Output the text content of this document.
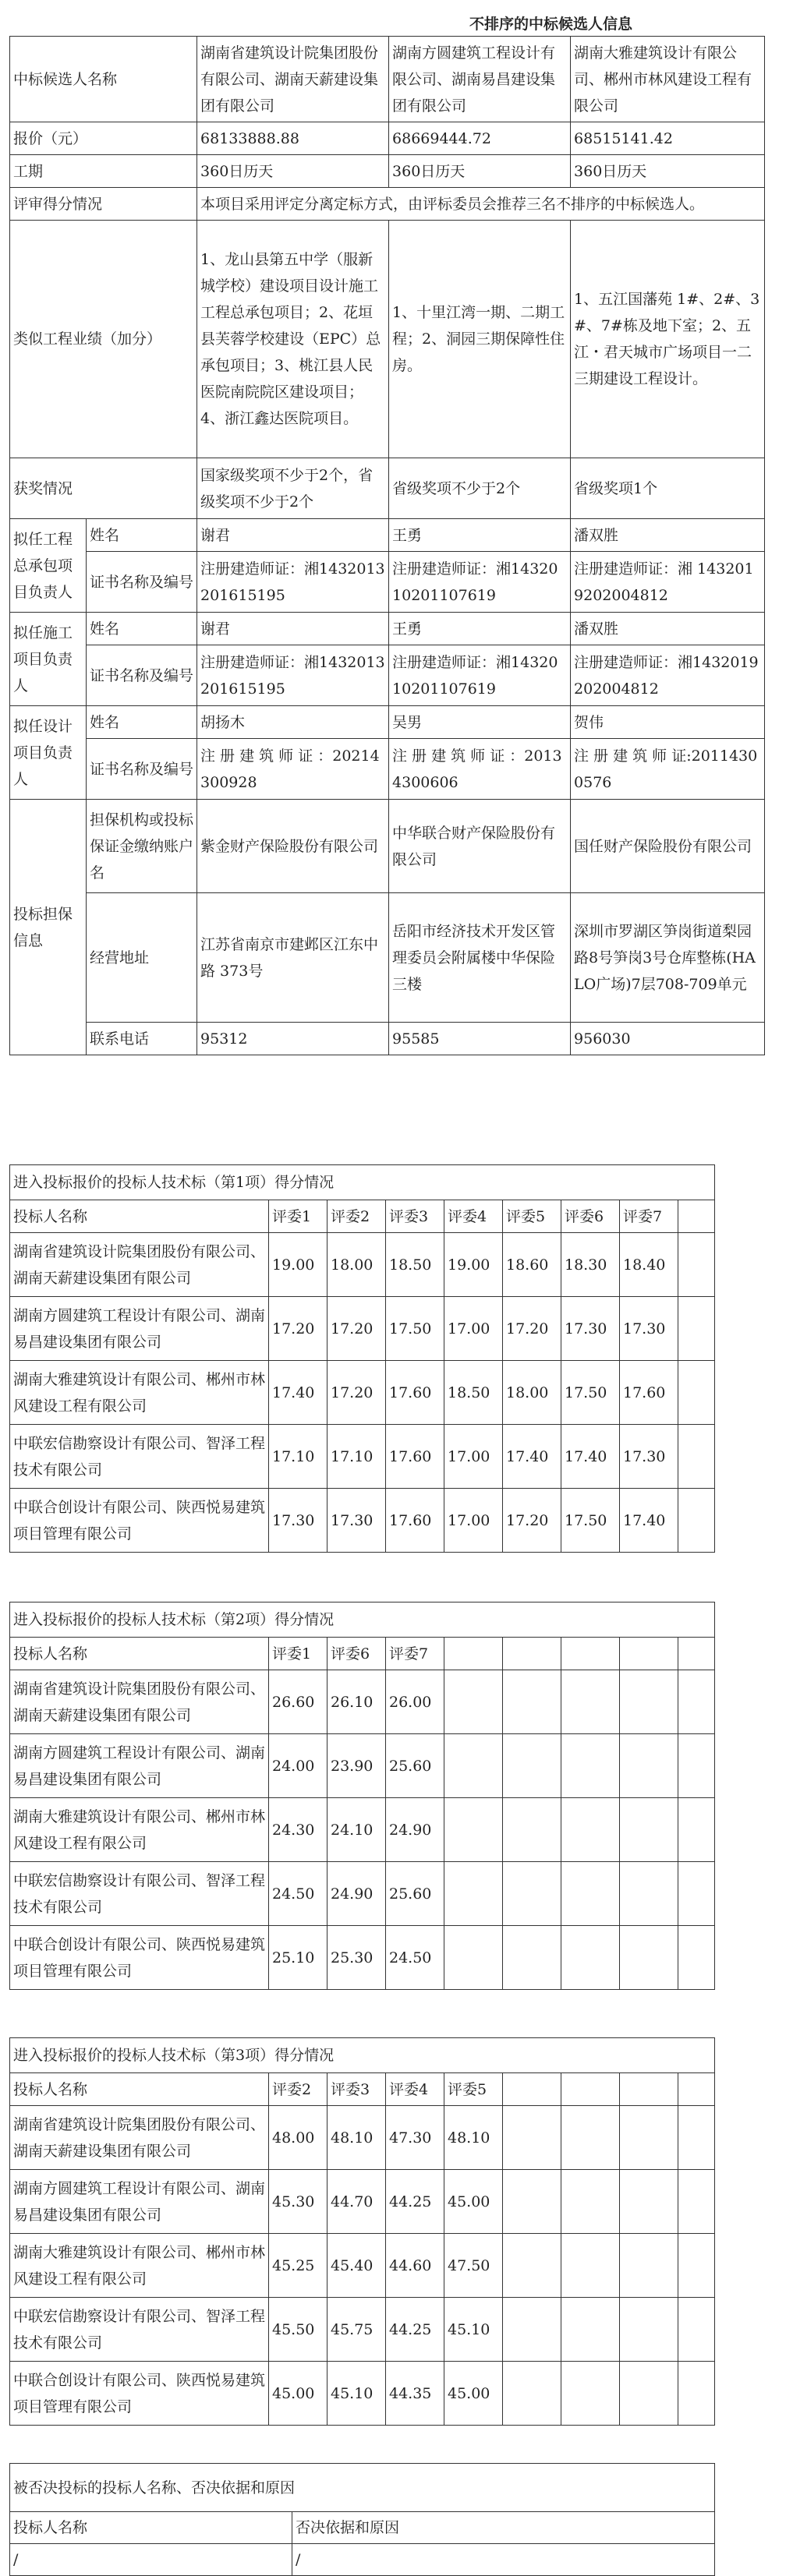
不排序的中标候选人信息
中标候选人名称		湖南省建筑设计院集团股份有限公司、湖南天薪建设集团有限公司	湖南方圆建筑工程设计有限公司、湖南易昌建设集团有限公司	湖南大雅建筑设计有限公司、郴州市林风建设工程有限公司
报价（元）		68133888.88	68669444.72	68515141.42
工期		360日历天	360日历天	360日历天
评审得分情况		本项目采用评定分离定标方式，由评标委员会推荐三名不排序的中标候选人。		
类似工程业绩（加分）		1、龙山县第五中学（服新城学校）建设项目设计施工工程总承包项目；2、花垣县芙蓉学校建设（EPC）总承包项目；3、桃江县人民医院南院院区建设项目；4、浙江鑫达医院项目。	1、十里江湾一期、二期工程；2、洞园三期保障性住房。	1、五江国藩苑 1#、2#、3#、7#栋及地下室；2、五江・君天城市广场项目一二三期建设工程设计。
获奖情况		国家级奖项不少于2个，省级奖项不少于2个	省级奖项不少于2个	省级奖项1个
拟任工程总承包项目负责人	姓名	谢君	王勇	潘双胜
	证书名称及编号	注册建造师证：湘1432013201615195	注册建造师证：湘1432010201107619	注册建造师证：湘 1432019202004812
拟任施工项目负责人	姓名	谢君	王勇	潘双胜
	证书名称及编号	注册建造师证：湘1432013201615195	注册建造师证：湘1432010201107619	注册建造师证：湘1432019202004812
拟任设计项目负责人	姓名	胡扬木	吴男	贺伟
	证书名称及编号	注 册 建 筑 师 证 ：20214300928	注 册 建 筑 师 证 ：20134300606	注 册 建 筑 师 证:20114300576
投标担保信息	担保机构或投标保证金缴纳账户名	紫金财产保险股份有限公司	中华联合财产保险股份有限公司	国任财产保险股份有限公司
	经营地址	江苏省南京市建邺区江东中路 373号	岳阳市经济技术开发区管理委员会附属楼中华保险三楼	深圳市罗湖区笋岗街道梨园路8号笋岗3号仓库整栋(HALO广场)7层708-709单元
	联系电话	95312	95585	956030
进入投标报价的投标人技术标（第1项）得分情况								
投标人名称	评委1	评委2	评委3	评委4	评委5	评委6	评委7	
湖南省建筑设计院集团股份有限公司、湖南天薪建设集团有限公司	19.00	18.00	18.50	19.00	18.60	18.30	18.40	
湖南方圆建筑工程设计有限公司、湖南易昌建设集团有限公司	17.20	17.20	17.50	17.00	17.20	17.30	17.30	
湖南大雅建筑设计有限公司、郴州市林风建设工程有限公司	17.40	17.20	17.60	18.50	18.00	17.50	17.60	
中联宏信勘察设计有限公司、智泽工程技术有限公司	17.10	17.10	17.60	17.00	17.40	17.40	17.30	
中联合创设计有限公司、陕西悦易建筑项目管理有限公司	17.30	17.30	17.60	17.00	17.20	17.50	17.40	
进入投标报价的投标人技术标（第2项）得分情况								
投标人名称	评委1	评委6	评委7					
湖南省建筑设计院集团股份有限公司、湖南天薪建设集团有限公司	26.60	26.10	26.00					
湖南方圆建筑工程设计有限公司、湖南易昌建设集团有限公司	24.00	23.90	25.60					
湖南大雅建筑设计有限公司、郴州市林风建设工程有限公司	24.30	24.10	24.90					
中联宏信勘察设计有限公司、智泽工程技术有限公司	24.50	24.90	25.60					
中联合创设计有限公司、陕西悦易建筑项目管理有限公司	25.10	25.30	24.50					
进入投标报价的投标人技术标（第3项）得分情况								
投标人名称	评委2	评委3	评委4	评委5				
湖南省建筑设计院集团股份有限公司、湖南天薪建设集团有限公司	48.00	48.10	47.30	48.10				
湖南方圆建筑工程设计有限公司、湖南易昌建设集团有限公司	45.30	44.70	44.25	45.00				
湖南大雅建筑设计有限公司、郴州市林风建设工程有限公司	45.25	45.40	44.60	47.50				
中联宏信勘察设计有限公司、智泽工程技术有限公司	45.50	45.75	44.25	45.10				
中联合创设计有限公司、陕西悦易建筑项目管理有限公司	45.00	45.10	44.35	45.00				
被否决投标的投标人名称、否决依据和原因	
投标人名称	否决依据和原因
/	/
